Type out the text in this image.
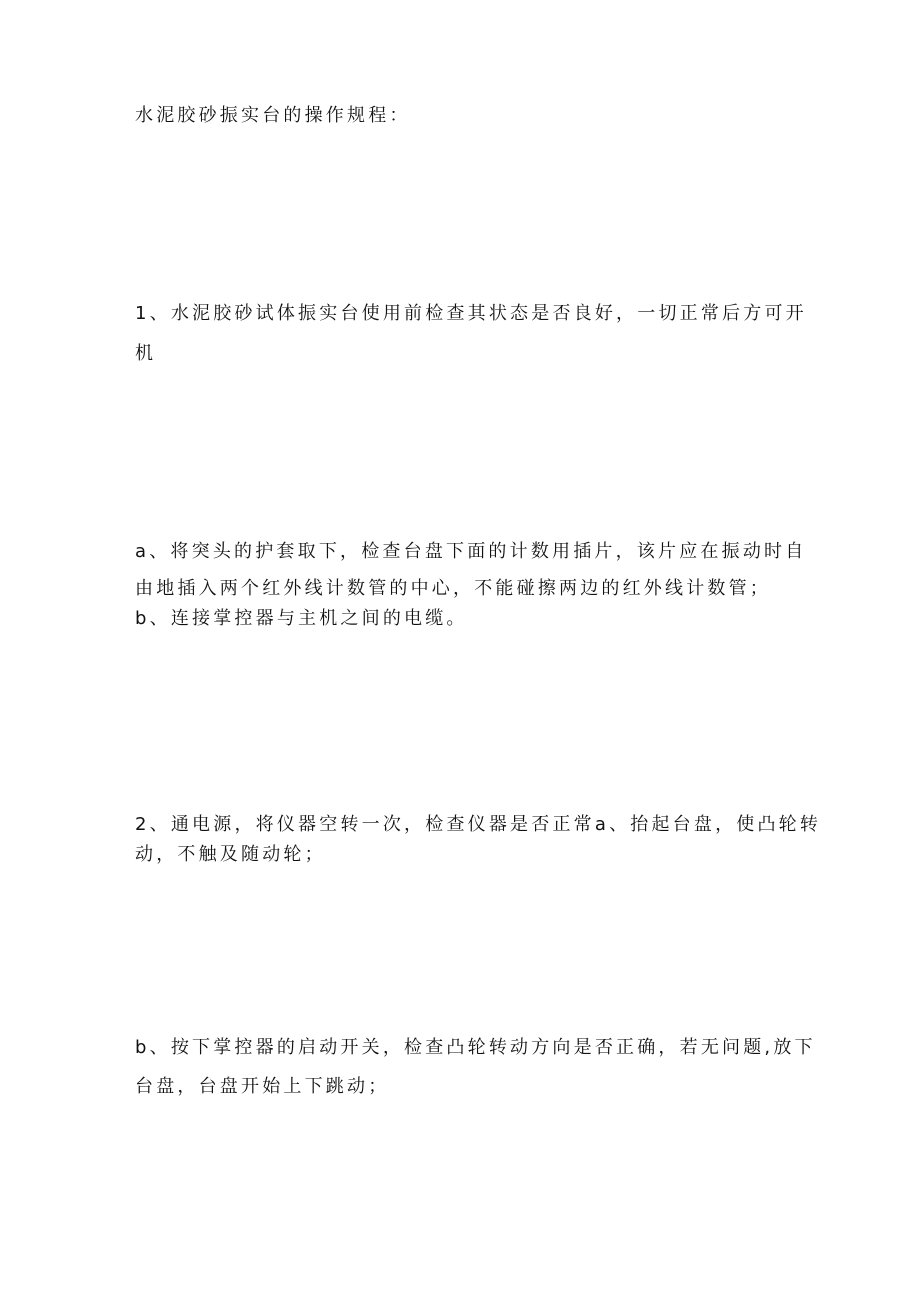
水泥胶砂振实台的操作规程：

1、水泥胶砂试体振实台使用前检查其状态是否良好，一切正常后方可开

机

a、将突头的护套取下，检查台盘下面的计数用插片，该片应在振动时自

由地插入两个红外线计数管的中心，不能碰擦两边的红外线计数管；

b、连接掌控器与主机之间的电缆。

2、通电源，将仪器空转一次，检查仪器是否正常a、抬起台盘，使凸轮转

动，不触及随动轮；

b、按下掌控器的启动开关，检查凸轮转动方向是否正确，若无问题,放下

台盘，台盘开始上下跳动；
